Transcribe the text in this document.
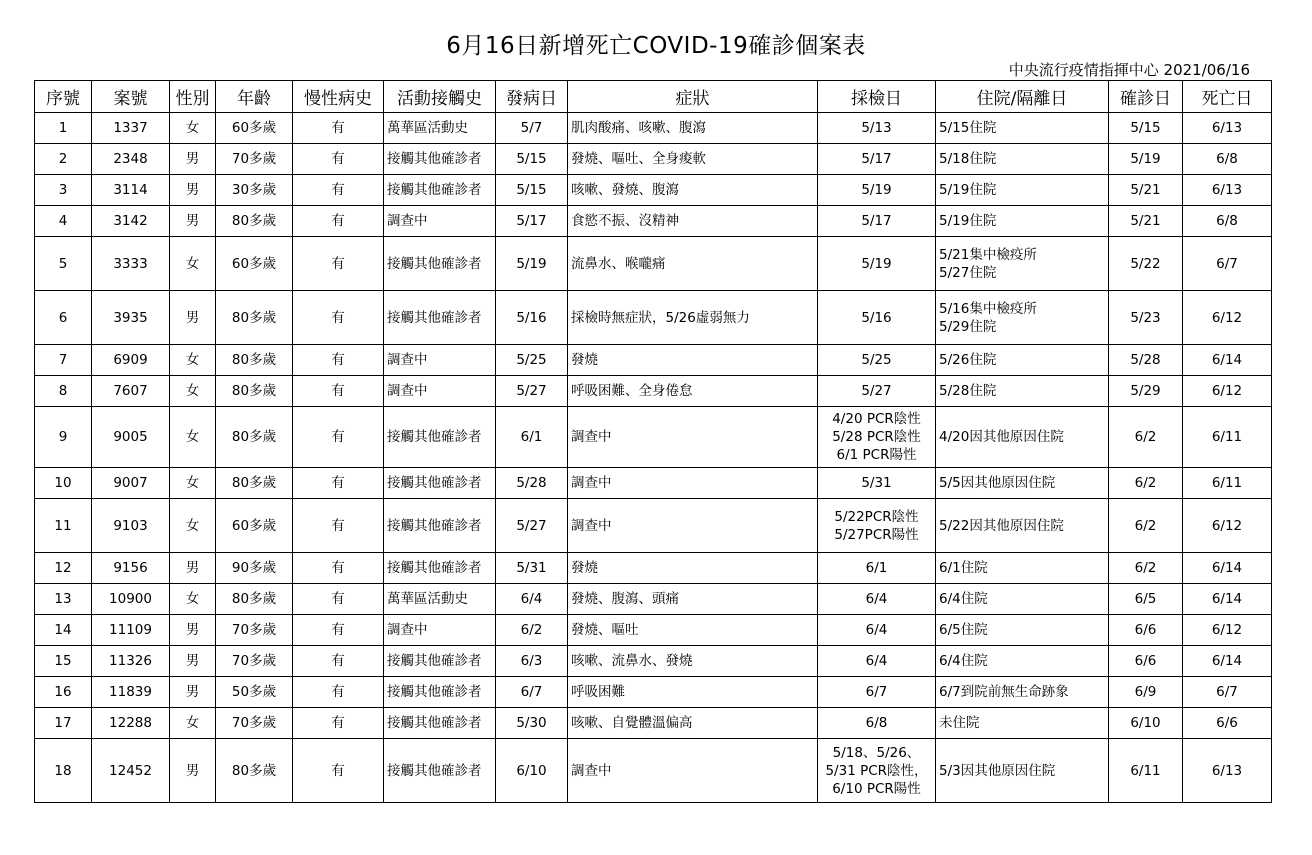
6月16日新增死亡COVID-19確診個案表
中央流行疫情指揮中心 2021/06/16
序號	案號	性別	年齡	慢性病史	活動接觸史	發病日	症狀	採檢日	住院/隔離日	確診日	死亡日
1	1337	女	60多歲	有	萬華區活動史	5/7	肌肉酸痛、咳嗽、腹瀉	5/13	5/15住院	5/15	6/13
2	2348	男	70多歲	有	接觸其他確診者	5/15	發燒、嘔吐、全身痠軟	5/17	5/18住院	5/19	6/8
3	3114	男	30多歲	有	接觸其他確診者	5/15	咳嗽、發燒、腹瀉	5/19	5/19住院	5/21	6/13
4	3142	男	80多歲	有	調查中	5/17	食慾不振、沒精神	5/17	5/19住院	5/21	6/8
5	3333	女	60多歲	有	接觸其他確診者	5/19	流鼻水、喉嚨痛	5/19	5/21集中檢疫所
5/27住院	5/22	6/7
6	3935	男	80多歲	有	接觸其他確診者	5/16	採檢時無症狀，5/26虛弱無力	5/16	5/16集中檢疫所
5/29住院	5/23	6/12
7	6909	女	80多歲	有	調查中	5/25	發燒	5/25	5/26住院	5/28	6/14
8	7607	女	80多歲	有	調查中	5/27	呼吸困難、全身倦怠	5/27	5/28住院	5/29	6/12
9	9005	女	80多歲	有	接觸其他確診者	6/1	調查中	4/20 PCR陰性
5/28 PCR陰性
6/1 PCR陽性	4/20因其他原因住院	6/2	6/11
10	9007	女	80多歲	有	接觸其他確診者	5/28	調查中	5/31	5/5因其他原因住院	6/2	6/11
11	9103	女	60多歲	有	接觸其他確診者	5/27	調查中	5/22PCR陰性
5/27PCR陽性	5/22因其他原因住院	6/2	6/12
12	9156	男	90多歲	有	接觸其他確診者	5/31	發燒	6/1	6/1住院	6/2	6/14
13	10900	女	80多歲	有	萬華區活動史	6/4	發燒、腹瀉、頭痛	6/4	6/4住院	6/5	6/14
14	11109	男	70多歲	有	調查中	6/2	發燒、嘔吐	6/4	6/5住院	6/6	6/12
15	11326	男	70多歲	有	接觸其他確診者	6/3	咳嗽、流鼻水、發燒	6/4	6/4住院	6/6	6/14
16	11839	男	50多歲	有	接觸其他確診者	6/7	呼吸困難	6/7	6/7到院前無生命跡象	6/9	6/7
17	12288	女	70多歲	有	接觸其他確診者	5/30	咳嗽、自覺體溫偏高	6/8	未住院	6/10	6/6
18	12452	男	80多歲	有	接觸其他確診者	6/10	調查中	5/18、5/26、
5/31 PCR陰性，
6/10 PCR陽性	5/3因其他原因住院	6/11	6/13
